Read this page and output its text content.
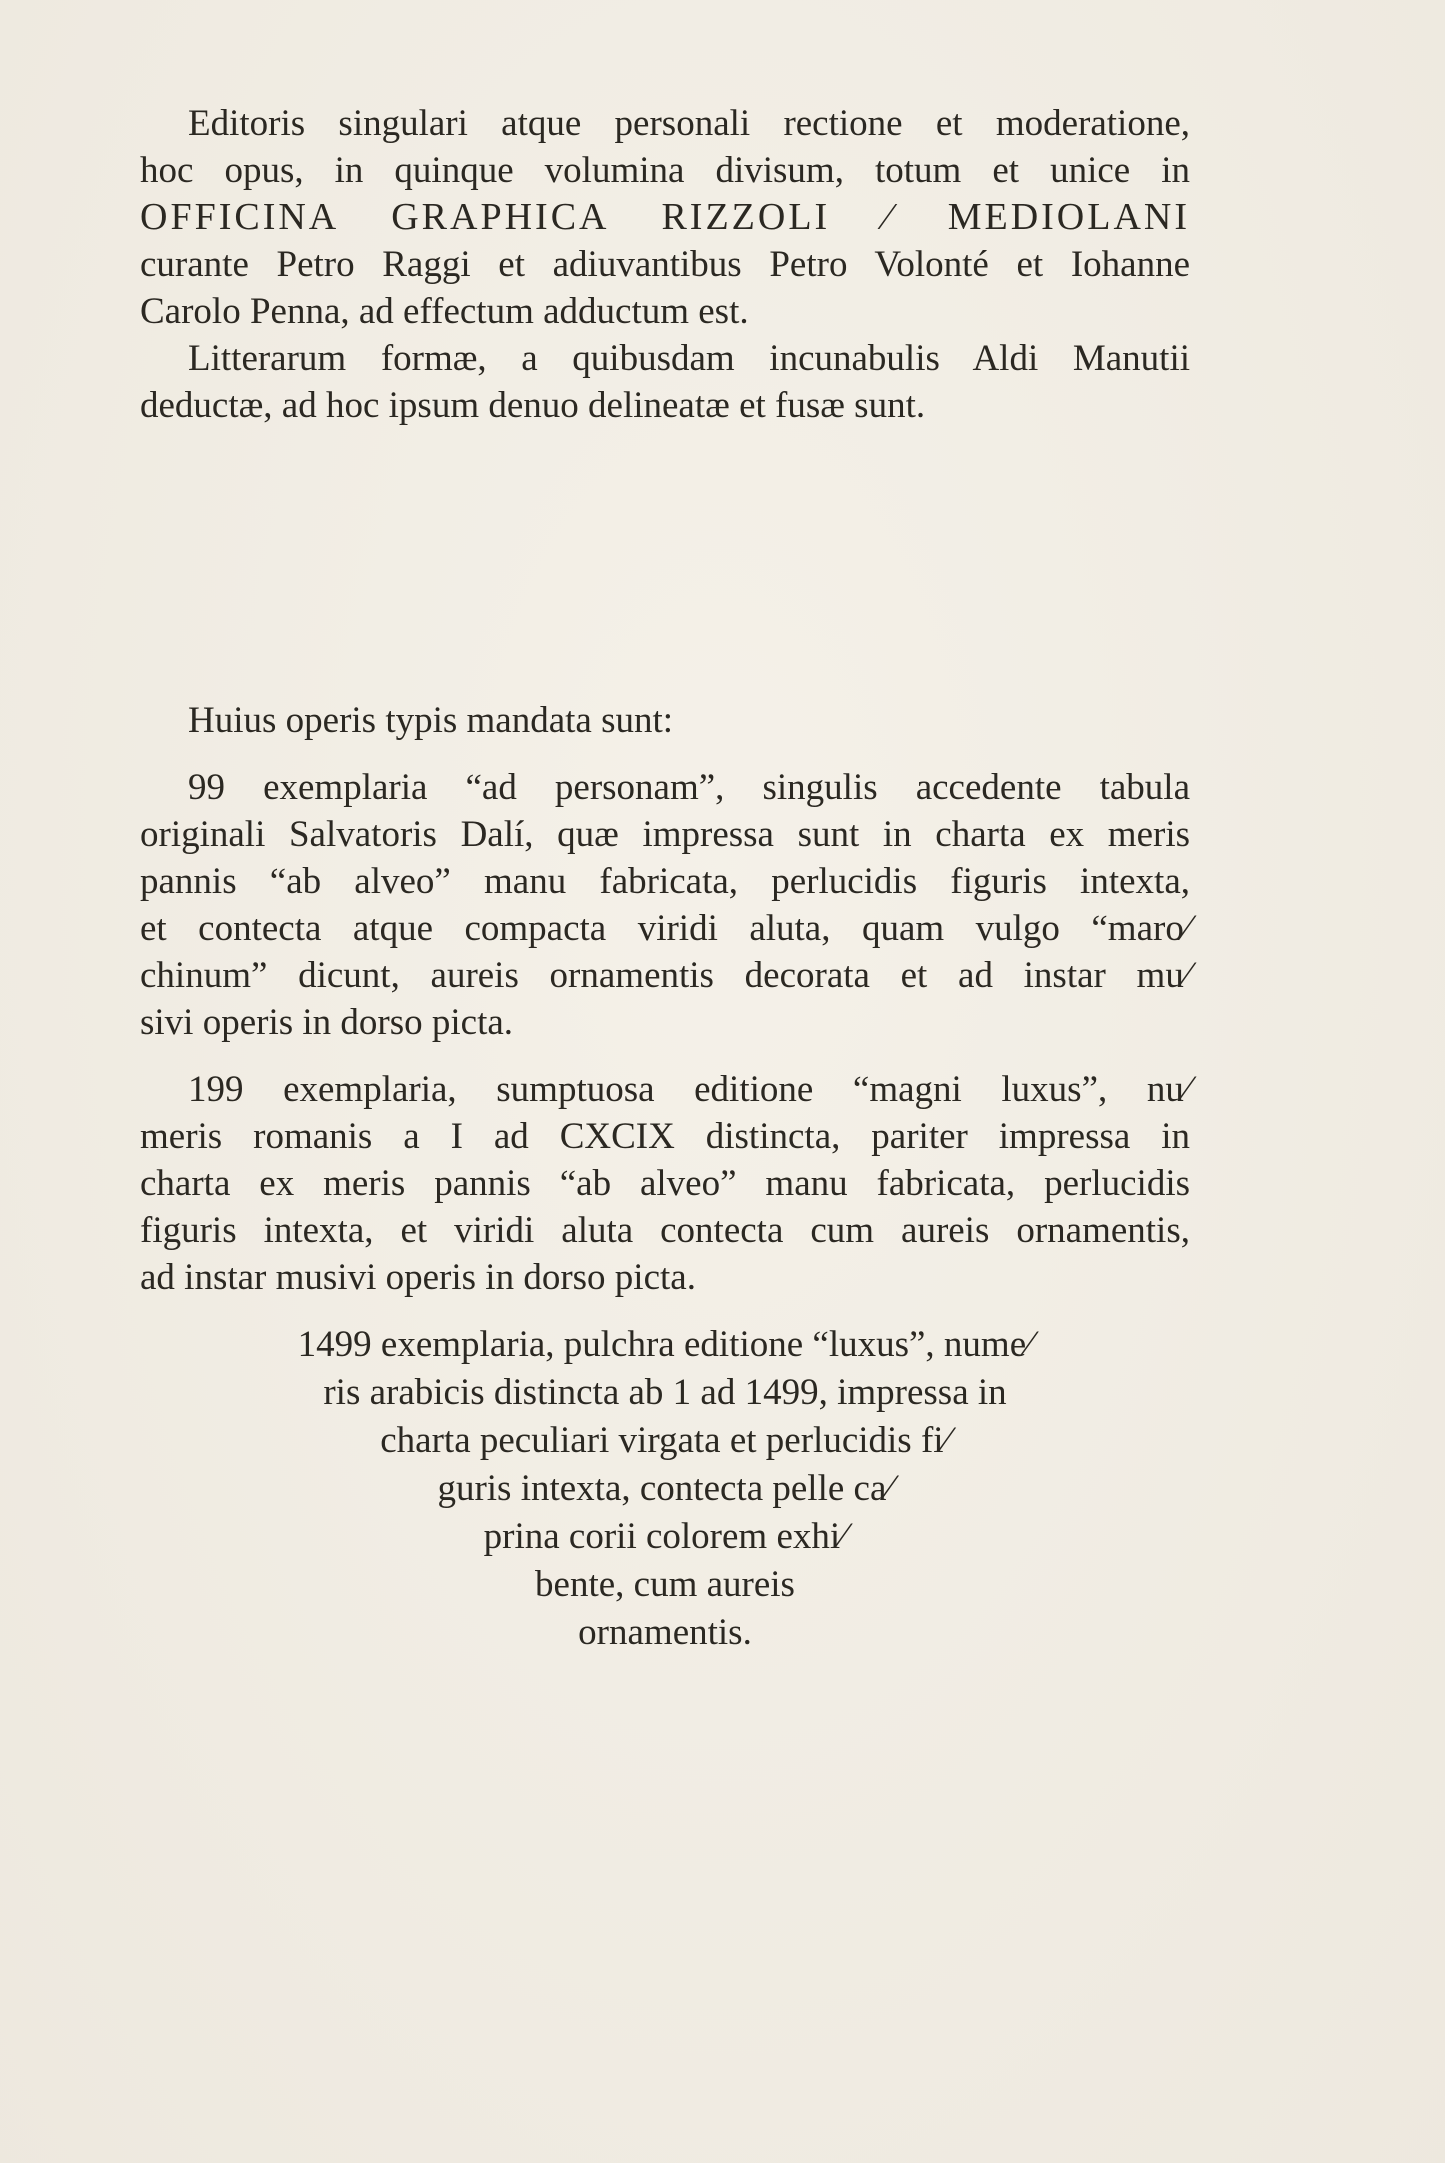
Editoris singulari atque personali rectione et moderatione,
hoc opus, in quinque volumina divisum, totum et unice in
OFFICINA GRAPHICA RIZZOLI ⁄ MEDIOLANI
curante Petro Raggi et adiuvantibus Petro Volonté et Iohanne
Carolo Penna, ad effectum adductum est.
Litterarum formæ, a quibusdam incunabulis Aldi Manutii
deductæ, ad hoc ipsum denuo delineatæ et fusæ sunt.
Huius operis typis mandata sunt:
99 exemplaria “ad personam”, singulis accedente tabula
originali Salvatoris Dalí, quæ impressa sunt in charta ex meris
pannis “ab alveo” manu fabricata, perlucidis figuris intexta,
et contecta atque compacta viridi aluta, quam vulgo “maro⁄
chinum” dicunt, aureis ornamentis decorata et ad instar mu⁄
sivi operis in dorso picta.
199 exemplaria, sumptuosa editione “magni luxus”, nu⁄
meris romanis a I ad CXCIX distincta, pariter impressa in
charta ex meris pannis “ab alveo” manu fabricata, perlucidis
figuris intexta, et viridi aluta contecta cum aureis ornamentis,
ad instar musivi operis in dorso picta.
1499 exemplaria, pulchra editione “luxus”, nume⁄
ris arabicis distincta ab 1 ad 1499, impressa in
charta peculiari virgata et perlucidis fi⁄
guris intexta, contecta pelle ca⁄
prina corii colorem exhi⁄
bente, cum aureis
ornamentis.
